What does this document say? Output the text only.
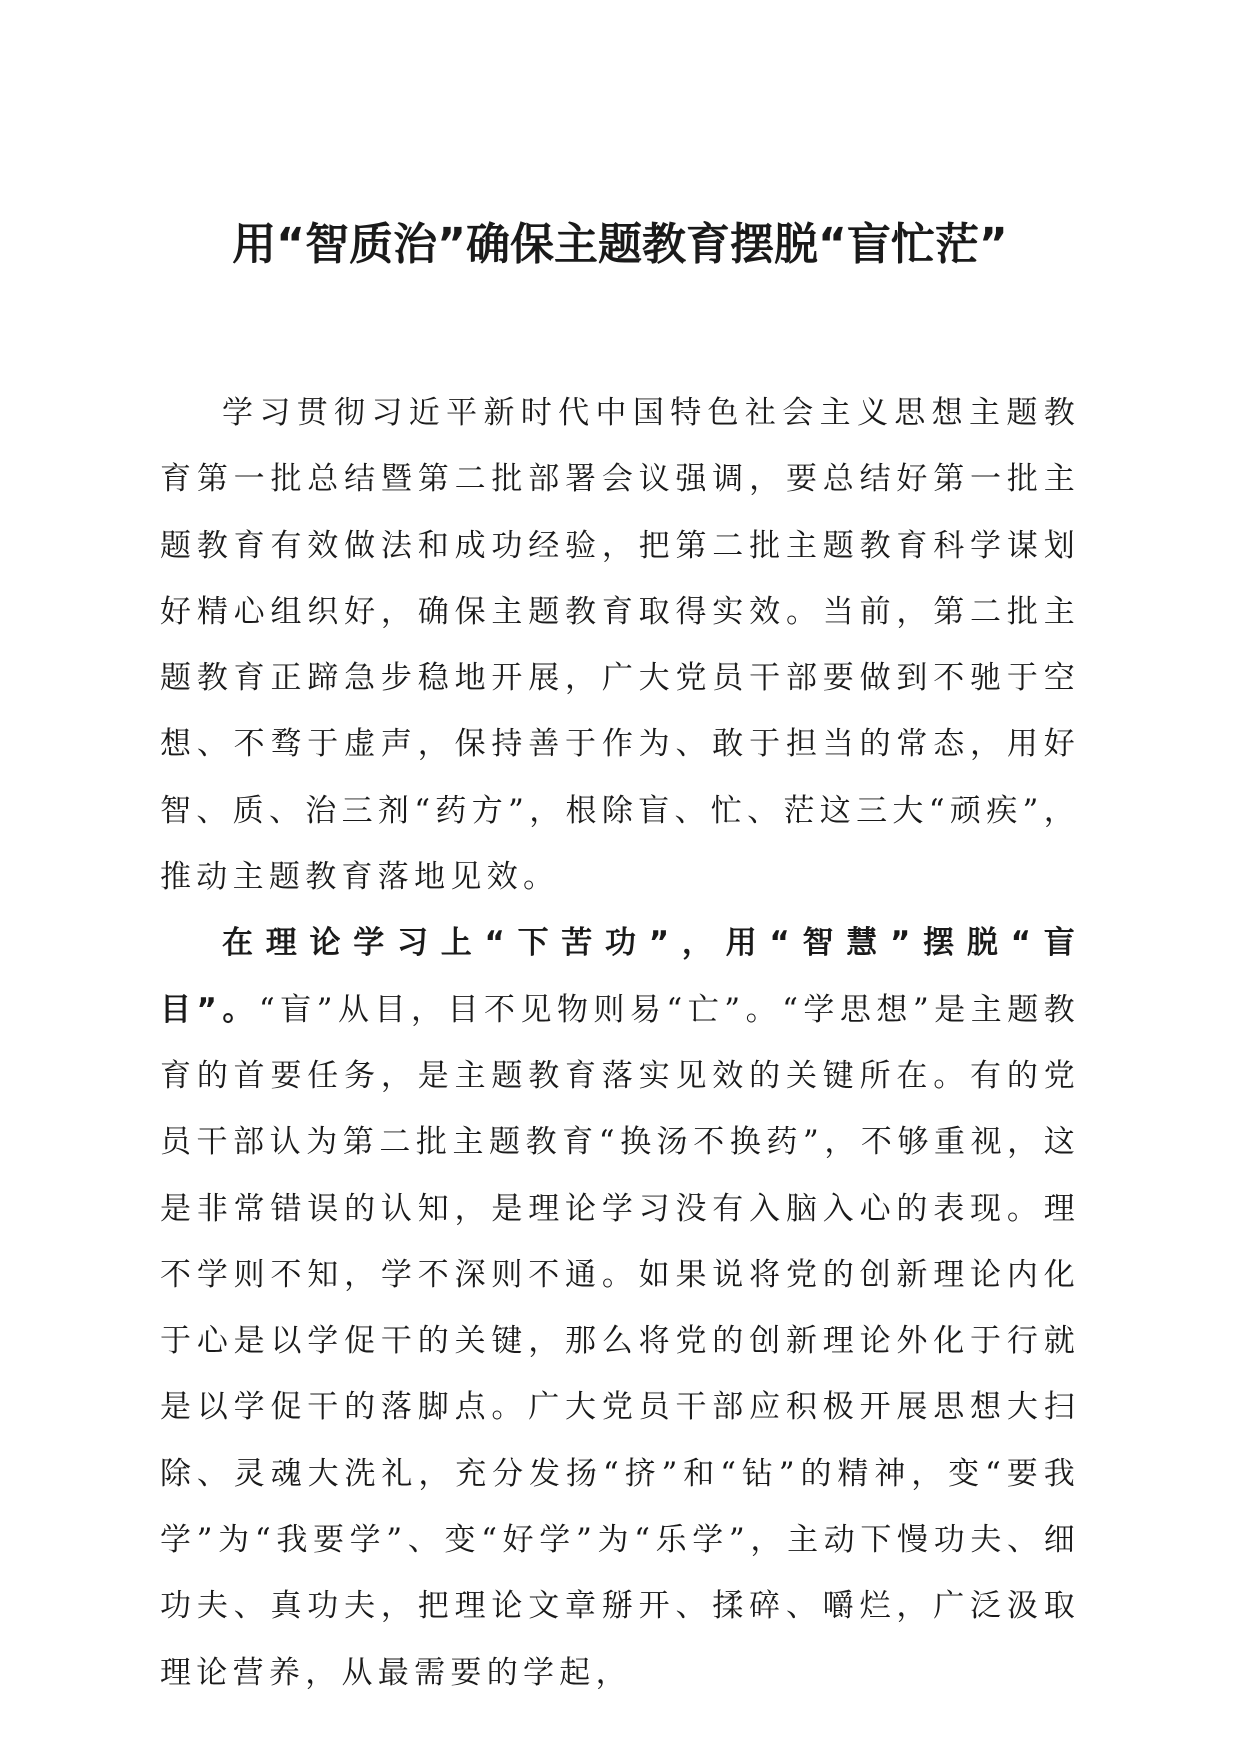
用“智质治”确保主题教育摆脱“盲忙茫”

学习贯彻习近平新时代中国特色社会主义思想主题教育第一批总结暨第二批部署会议强调，要总结好第一批主题教育有效做法和成功经验，把第二批主题教育科学谋划好精心组织好，确保主题教育取得实效。当前，第二批主题教育正蹄急步稳地开展，广大党员干部要做到不驰于空想、不骛于虚声，保持善于作为、敢于担当的常态，用好智、质、治三剂“药方”，根除盲、忙、茫这三大“顽疾”，推动主题教育落地见效。

在理论学习上“下苦功”，用“智慧”摆脱“盲目”。“盲”从目，目不见物则易“亡”。“学思想”是主题教育的首要任务，是主题教育落实见效的关键所在。有的党员干部认为第二批主题教育“换汤不换药”，不够重视，这是非常错误的认知，是理论学习没有入脑入心的表现。理不学则不知，学不深则不通。如果说将党的创新理论内化于心是以学促干的关键，那么将党的创新理论外化于行就是以学促干的落脚点。广大党员干部应积极开展思想大扫除、灵魂大洗礼，充分发扬“挤”和“钻”的精神，变“要我学”为“我要学”、变“好学”为“乐学”，主动下慢功夫、细功夫、真功夫，把理论文章掰开、揉碎、嚼烂，广泛汲取理论营养，从最需要的学起，
